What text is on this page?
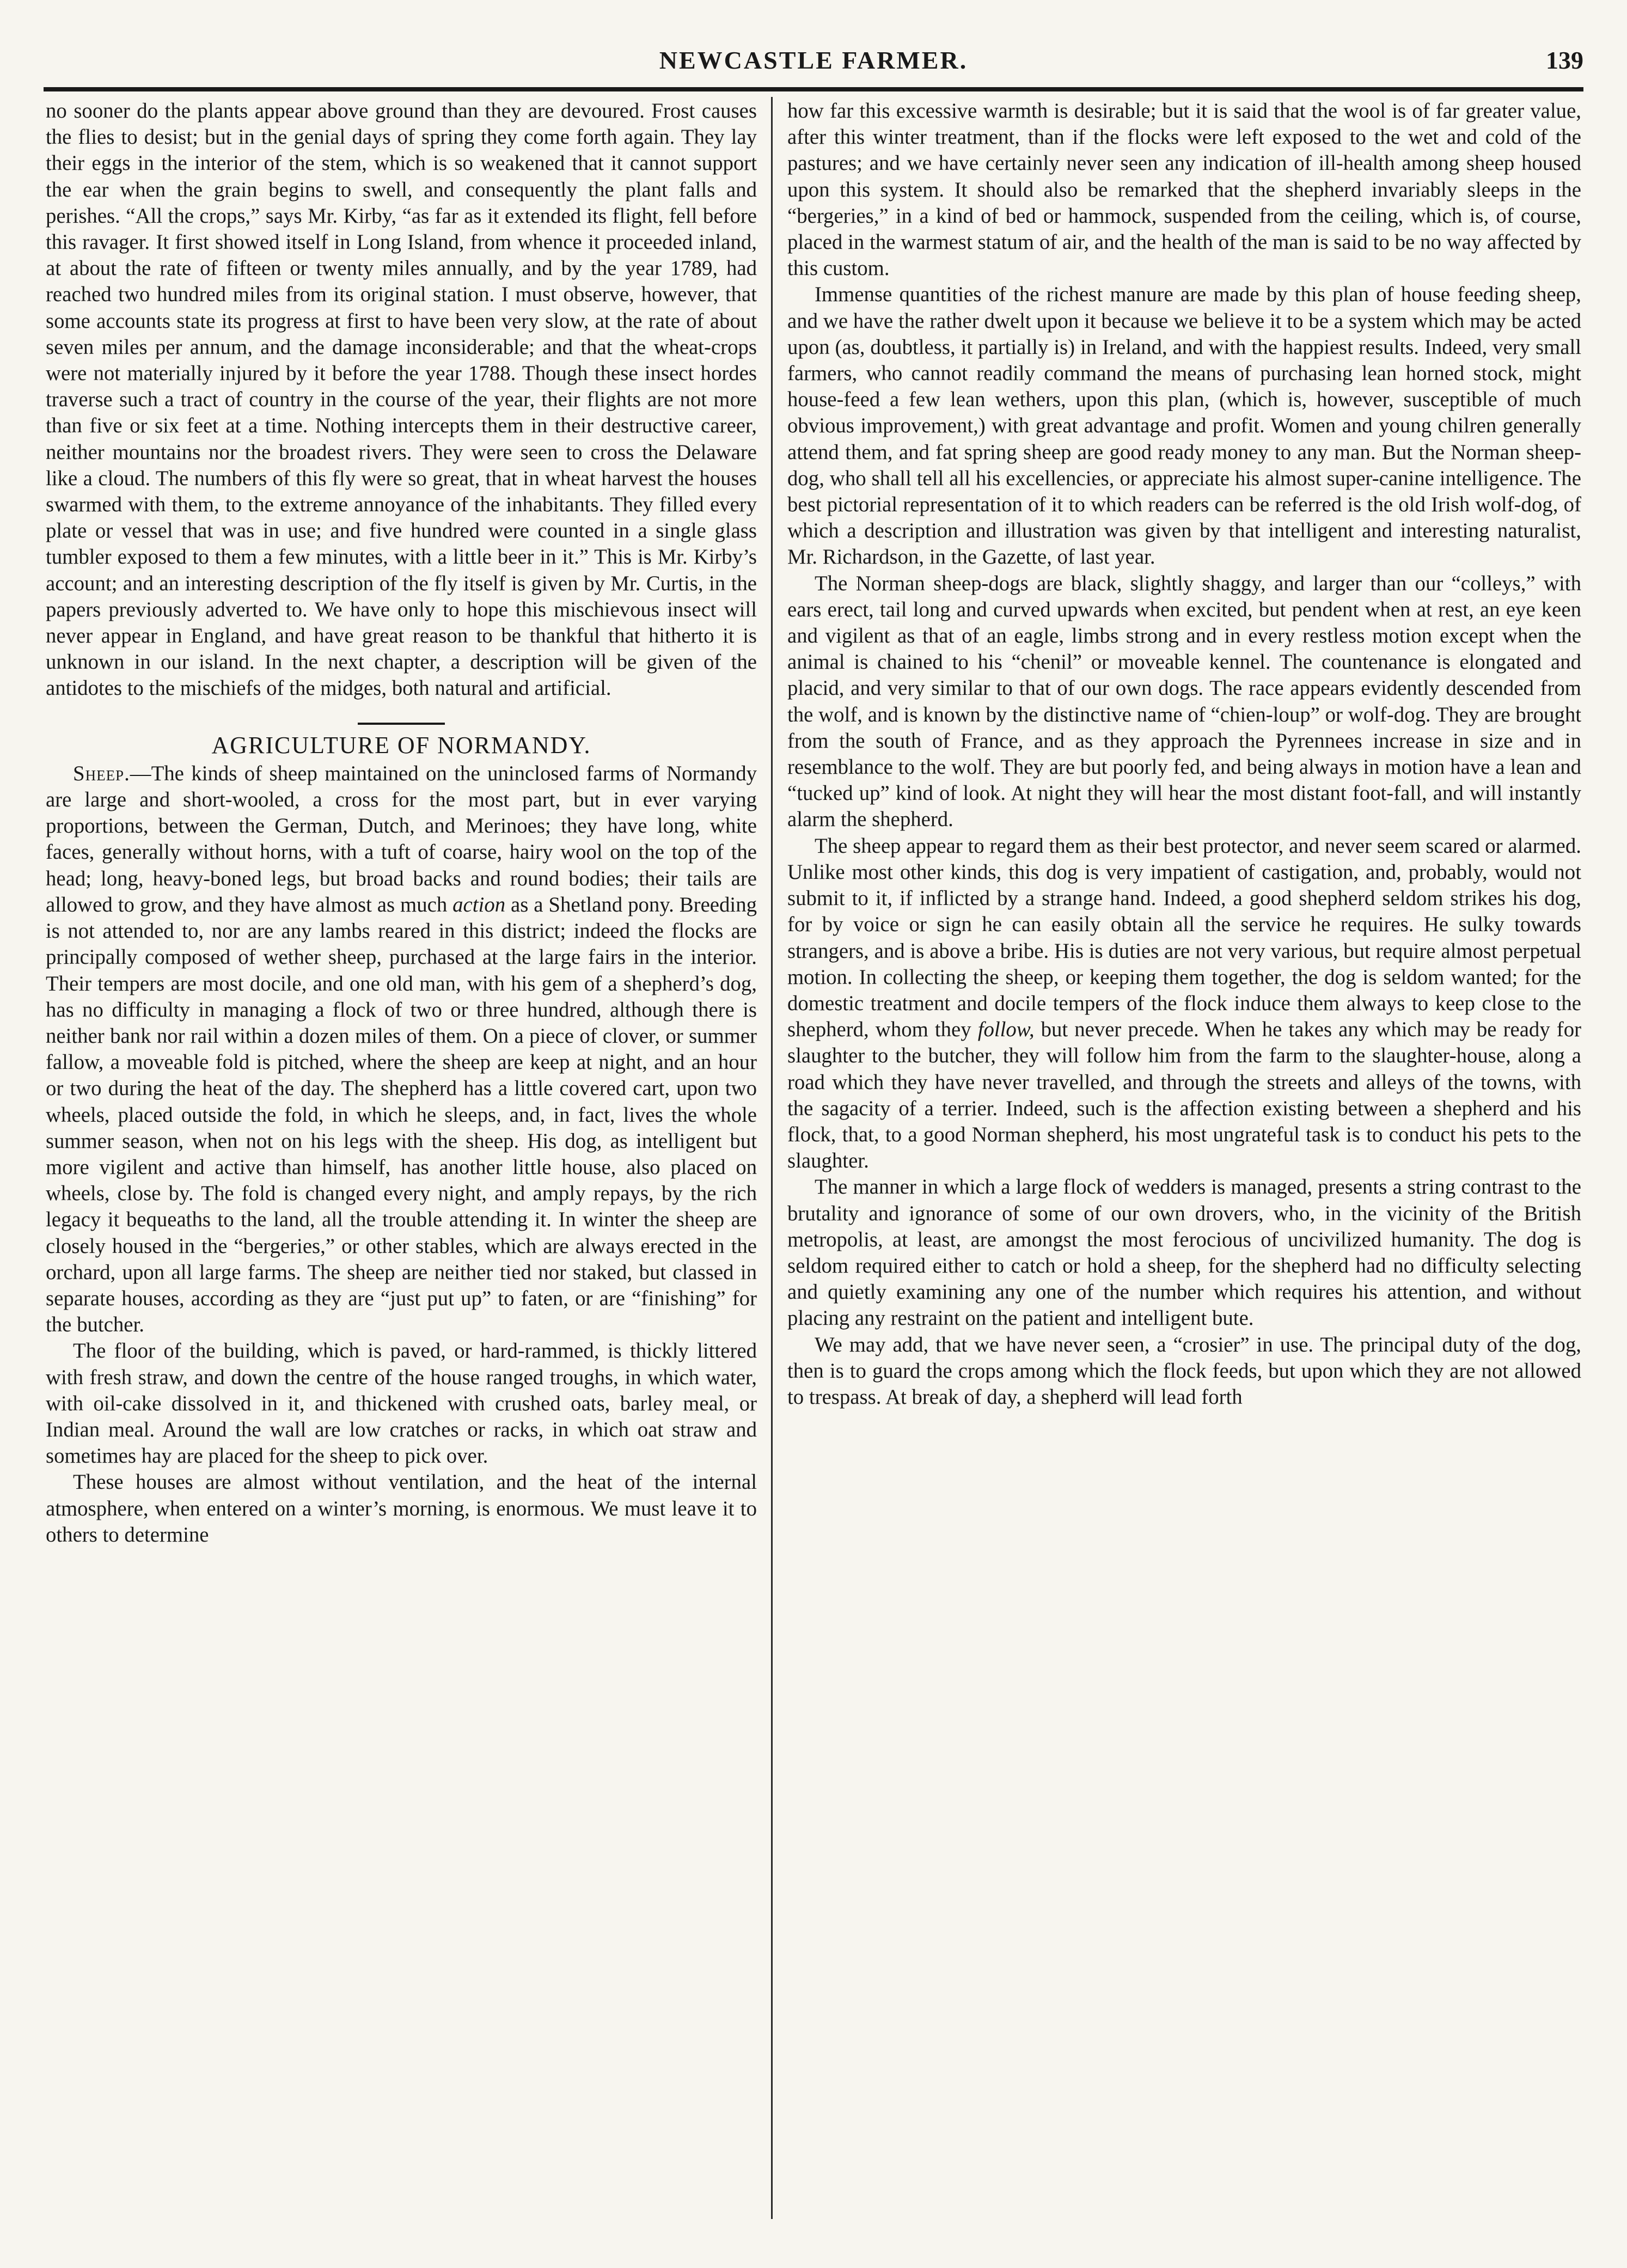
NEWCASTLE FARMER.	139

no sooner do the plants appear above ground than they are devoured. Frost causes the flies to desist; but in the genial days of spring they come forth again. They lay their eggs in the interior of the stem, which is so weakened that it cannot support the ear when the grain begins to swell, and consequently the plant falls and perishes. “All the crops,” says Mr. Kirby, “as far as it extended its flight, fell before this ravager. It first showed itself in Long Island, from whence it proceeded inland, at about the rate of fifteen or twenty miles annually, and by the year 1789, had reached two hundred miles from its original station. I must observe, however, that some accounts state its progress at first to have been very slow, at the rate of about seven miles per annum, and the damage inconsiderable; and that the wheat-crops were not materially injured by it before the year 1788. Though these insect hordes traverse such a tract of country in the course of the year, their flights are not more than five or six feet at a time. Nothing intercepts them in their destructive career, neither mountains nor the broadest rivers. They were seen to cross the Delaware like a cloud. The numbers of this fly were so great, that in wheat harvest the houses swarmed with them, to the extreme annoyance of the inhabitants. They filled every plate or vessel that was in use; and five hundred were counted in a single glass tumbler exposed to them a few minutes, with a little beer in it.” This is Mr. Kirby’s account; and an interesting description of the fly itself is given by Mr. Curtis, in the papers previously adverted to. We have only to hope this mischievous insect will never appear in England, and have great reason to be thankful that hitherto it is unknown in our island. In the next chapter, a description will be given of the antidotes to the mischiefs of the midges, both natural and artificial.

AGRICULTURE OF NORMANDY.

Sheep.—The kinds of sheep maintained on the uninclosed farms of Normandy are large and short-wooled, a cross for the most part, but in ever varying proportions, between the German, Dutch, and Merinoes; they have long, white faces, generally without horns, with a tuft of coarse, hairy wool on the top of the head; long, heavy-boned legs, but broad backs and round bodies; their tails are allowed to grow, and they have almost as much action as a Shetland pony. Breeding is not attended to, nor are any lambs reared in this district; indeed the flocks are principally composed of wether sheep, purchased at the large fairs in the interior. Their tempers are most docile, and one old man, with his gem of a shepherd’s dog, has no difficulty in managing a flock of two or three hundred, although there is neither bank nor rail within a dozen miles of them. On a piece of clover, or summer fallow, a moveable fold is pitched, where the sheep are keep at night, and an hour or two during the heat of the day. The shepherd has a little covered cart, upon two wheels, placed outside the fold, in which he sleeps, and, in fact, lives the whole summer season, when not on his legs with the sheep. His dog, as intelligent but more vigilent and active than himself, has another little house, also placed on wheels, close by. The fold is changed every night, and amply repays, by the rich legacy it bequeaths to the land, all the trouble attending it. In winter the sheep are closely housed in the “bergeries,” or other stables, which are always erected in the orchard, upon all large farms. The sheep are neither tied nor staked, but classed in separate houses, according as they are “just put up” to faten, or are “finishing” for the butcher.

The floor of the building, which is paved, or hard-rammed, is thickly littered with fresh straw, and down the centre of the house ranged troughs, in which water, with oil-cake dissolved in it, and thickened with crushed oats, barley meal, or Indian meal. Around the wall are low cratches or racks, in which oat straw and sometimes hay are placed for the sheep to pick over.

These houses are almost without ventilation, and the heat of the internal atmosphere, when entered on a winter’s morning, is enormous. We must leave it to others to determine

how far this excessive warmth is desirable; but it is said that the wool is of far greater value, after this winter treatment, than if the flocks were left exposed to the wet and cold of the pastures; and we have certainly never seen any indication of ill-health among sheep housed upon this system. It should also be remarked that the shepherd invariably sleeps in the “bergeries,” in a kind of bed or hammock, suspended from the ceiling, which is, of course, placed in the warmest statum of air, and the health of the man is said to be no way affected by this custom.

Immense quantities of the richest manure are made by this plan of house feeding sheep, and we have the rather dwelt upon it because we believe it to be a system which may be acted upon (as, doubtless, it partially is) in Ireland, and with the happiest results. Indeed, very small farmers, who cannot readily command the means of purchasing lean horned stock, might house-feed a few lean wethers, upon this plan, (which is, however, susceptible of much obvious improvement,) with great advantage and profit. Women and young chilren generally attend them, and fat spring sheep are good ready money to any man. But the Norman sheep-dog, who shall tell all his excellencies, or appreciate his almost super-canine intelligence. The best pictorial representation of it to which readers can be referred is the old Irish wolf-dog, of which a description and illustration was given by that intelligent and interesting naturalist, Mr. Richardson, in the Gazette, of last year.

The Norman sheep-dogs are black, slightly shaggy, and larger than our “colleys,” with ears erect, tail long and curved upwards when excited, but pendent when at rest, an eye keen and vigilent as that of an eagle, limbs strong and in every restless motion except when the animal is chained to his “chenil” or moveable kennel. The countenance is elongated and placid, and very similar to that of our own dogs. The race appears evidently descended from the wolf, and is known by the distinctive name of “chien-loup” or wolf-dog. They are brought from the south of France, and as they approach the Pyrennees increase in size and in resemblance to the wolf. They are but poorly fed, and being always in motion have a lean and “tucked up” kind of look. At night they will hear the most distant foot-fall, and will instantly alarm the shepherd.

The sheep appear to regard them as their best protector, and never seem scared or alarmed. Unlike most other kinds, this dog is very impatient of castigation, and, probably, would not submit to it, if inflicted by a strange hand. Indeed, a good shepherd seldom strikes his dog, for by voice or sign he can easily obtain all the service he requires. He sulky towards strangers, and is above a bribe. His is duties are not very various, but require almost perpetual motion. In collecting the sheep, or keeping them together, the dog is seldom wanted; for the domestic treatment and docile tempers of the flock induce them always to keep close to the shepherd, whom they follow, but never precede. When he takes any which may be ready for slaughter to the butcher, they will follow him from the farm to the slaughter-house, along a road which they have never travelled, and through the streets and alleys of the towns, with the sagacity of a terrier. Indeed, such is the affection existing between a shepherd and his flock, that, to a good Norman shepherd, his most ungrateful task is to conduct his pets to the slaughter.

The manner in which a large flock of wedders is managed, presents a string contrast to the brutality and ignorance of some of our own drovers, who, in the vicinity of the British metropolis, at least, are amongst the most ferocious of uncivilized humanity. The dog is seldom required either to catch or hold a sheep, for the shepherd had no difficulty selecting and quietly examining any one of the number which requires his attention, and without placing any restraint on the patient and intelligent bute.

We may add, that we have never seen, a “crosier” in use. The principal duty of the dog, then is to guard the crops among which the flock feeds, but upon which they are not allowed to trespass. At break of day, a shepherd will lead forth
